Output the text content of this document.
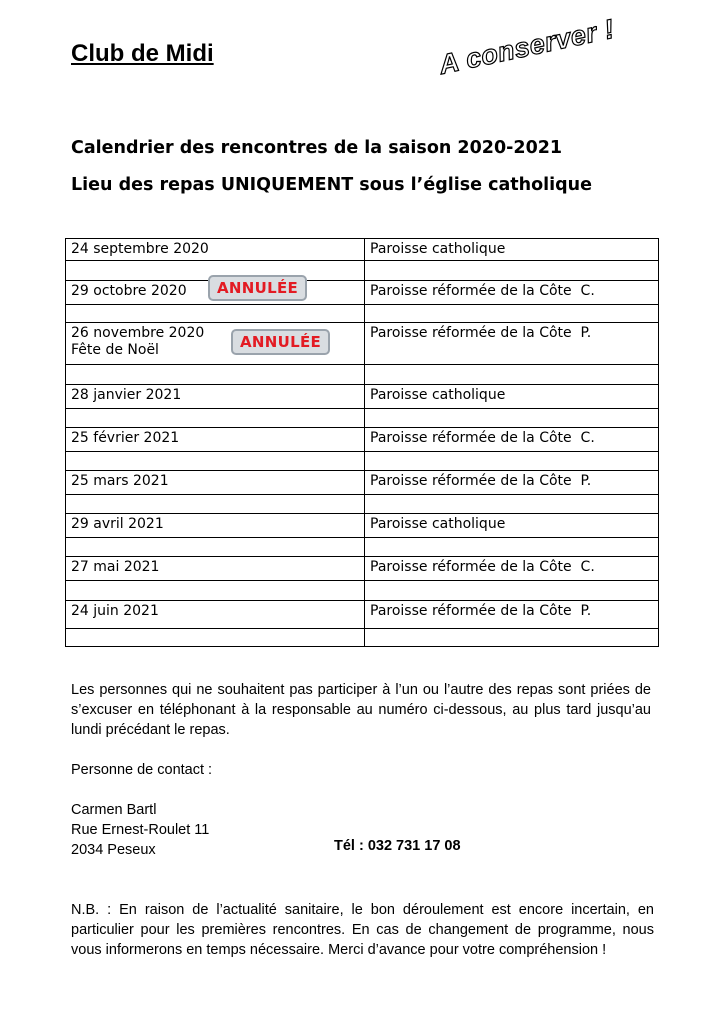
Club de Midi	A conserver !
Calendrier des rencontres de la saison 2020-2021
Lieu des repas UNIQUEMENT sous l’église catholique
24 septembre 2020	Paroisse catholique

29 octobre 2020 ANNULÉE	Paroisse réformée de la Côte  C.

26 novembre 2020
Fête de Noël ANNULÉE	Paroisse réformée de la Côte  P.

28 janvier 2021	Paroisse catholique

25 février 2021	Paroisse réformée de la Côte  C.

25 mars 2021	Paroisse réformée de la Côte  P.

29 avril 2021	Paroisse catholique

27 mai 2021	Paroisse réformée de la Côte  C.

24 juin 2021	Paroisse réformée de la Côte  P.

Les personnes qui ne souhaitent pas participer à l’un ou l’autre des repas sont priées de s’excuser en téléphonant à la responsable au numéro ci-dessous, au plus tard jusqu’au lundi précédant le repas.
Personne de contact :
Carmen Bartl
Rue Ernest-Roulet 11
2034 Peseux	Tél : 032 731 17 08
N.B. : En raison de l’actualité sanitaire, le bon déroulement est encore incertain, en particulier pour les premières rencontres. En cas de changement de programme, nous vous informerons en temps nécessaire. Merci d’avance pour votre compréhension !
